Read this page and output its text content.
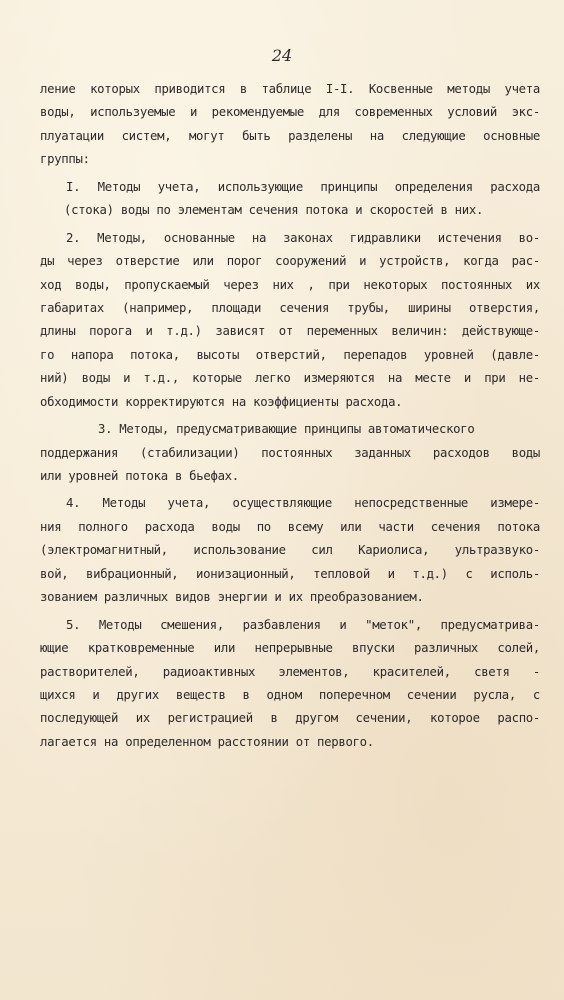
24
ление которых приводится в таблице I-I. Косвенные методы учета
воды, используемые и рекомендуемые для современных условий экс-
плуатации систем, могут быть разделены на следующие основные
группы:
I. Методы учета, использующие принципы определения расхода
(стока) воды по элементам сечения потока и скоростей в них.
2. Методы, основанные на законах гидравлики истечения во-
ды через отверстие или порог сооружений и устройств, когда рас-
ход воды, пропускаемый через них , при некоторых постоянных их
габаритах (например, площади сечения трубы, ширины отверстия,
длины порога и т.д.) зависят от переменных величин: действующе-
го напора потока, высоты отверстий, перепадов уровней (давле-
ний) воды и т.д., которые легко измеряются на месте и при не-
обходимости корректируются на коэффициенты расхода.
3. Методы, предусматривающие принципы автоматического
поддержания (стабилизации) постоянных заданных расходов воды
или уровней потока в бьефах.
4. Методы учета, осуществляющие непосредственные измере-
ния полного расхода воды по всему или части сечения потока
(электромагнитный, использование сил Кариолиса, ультразвуко-
вой, вибрационный, ионизационный, тепловой и т.д.) с исполь-
зованием различных видов энергии и их преобразованием.
5. Методы смешения, разбавления и "меток", предусматрива-
ющие кратковременные или непрерывные впуски различных солей,
растворителей, радиоактивных элементов, красителей, светя -
щихся и других веществ в одном поперечном сечении русла, с
последующей их регистрацией в другом сечении, которое распо-
лагается на определенном расстоянии от первого.
